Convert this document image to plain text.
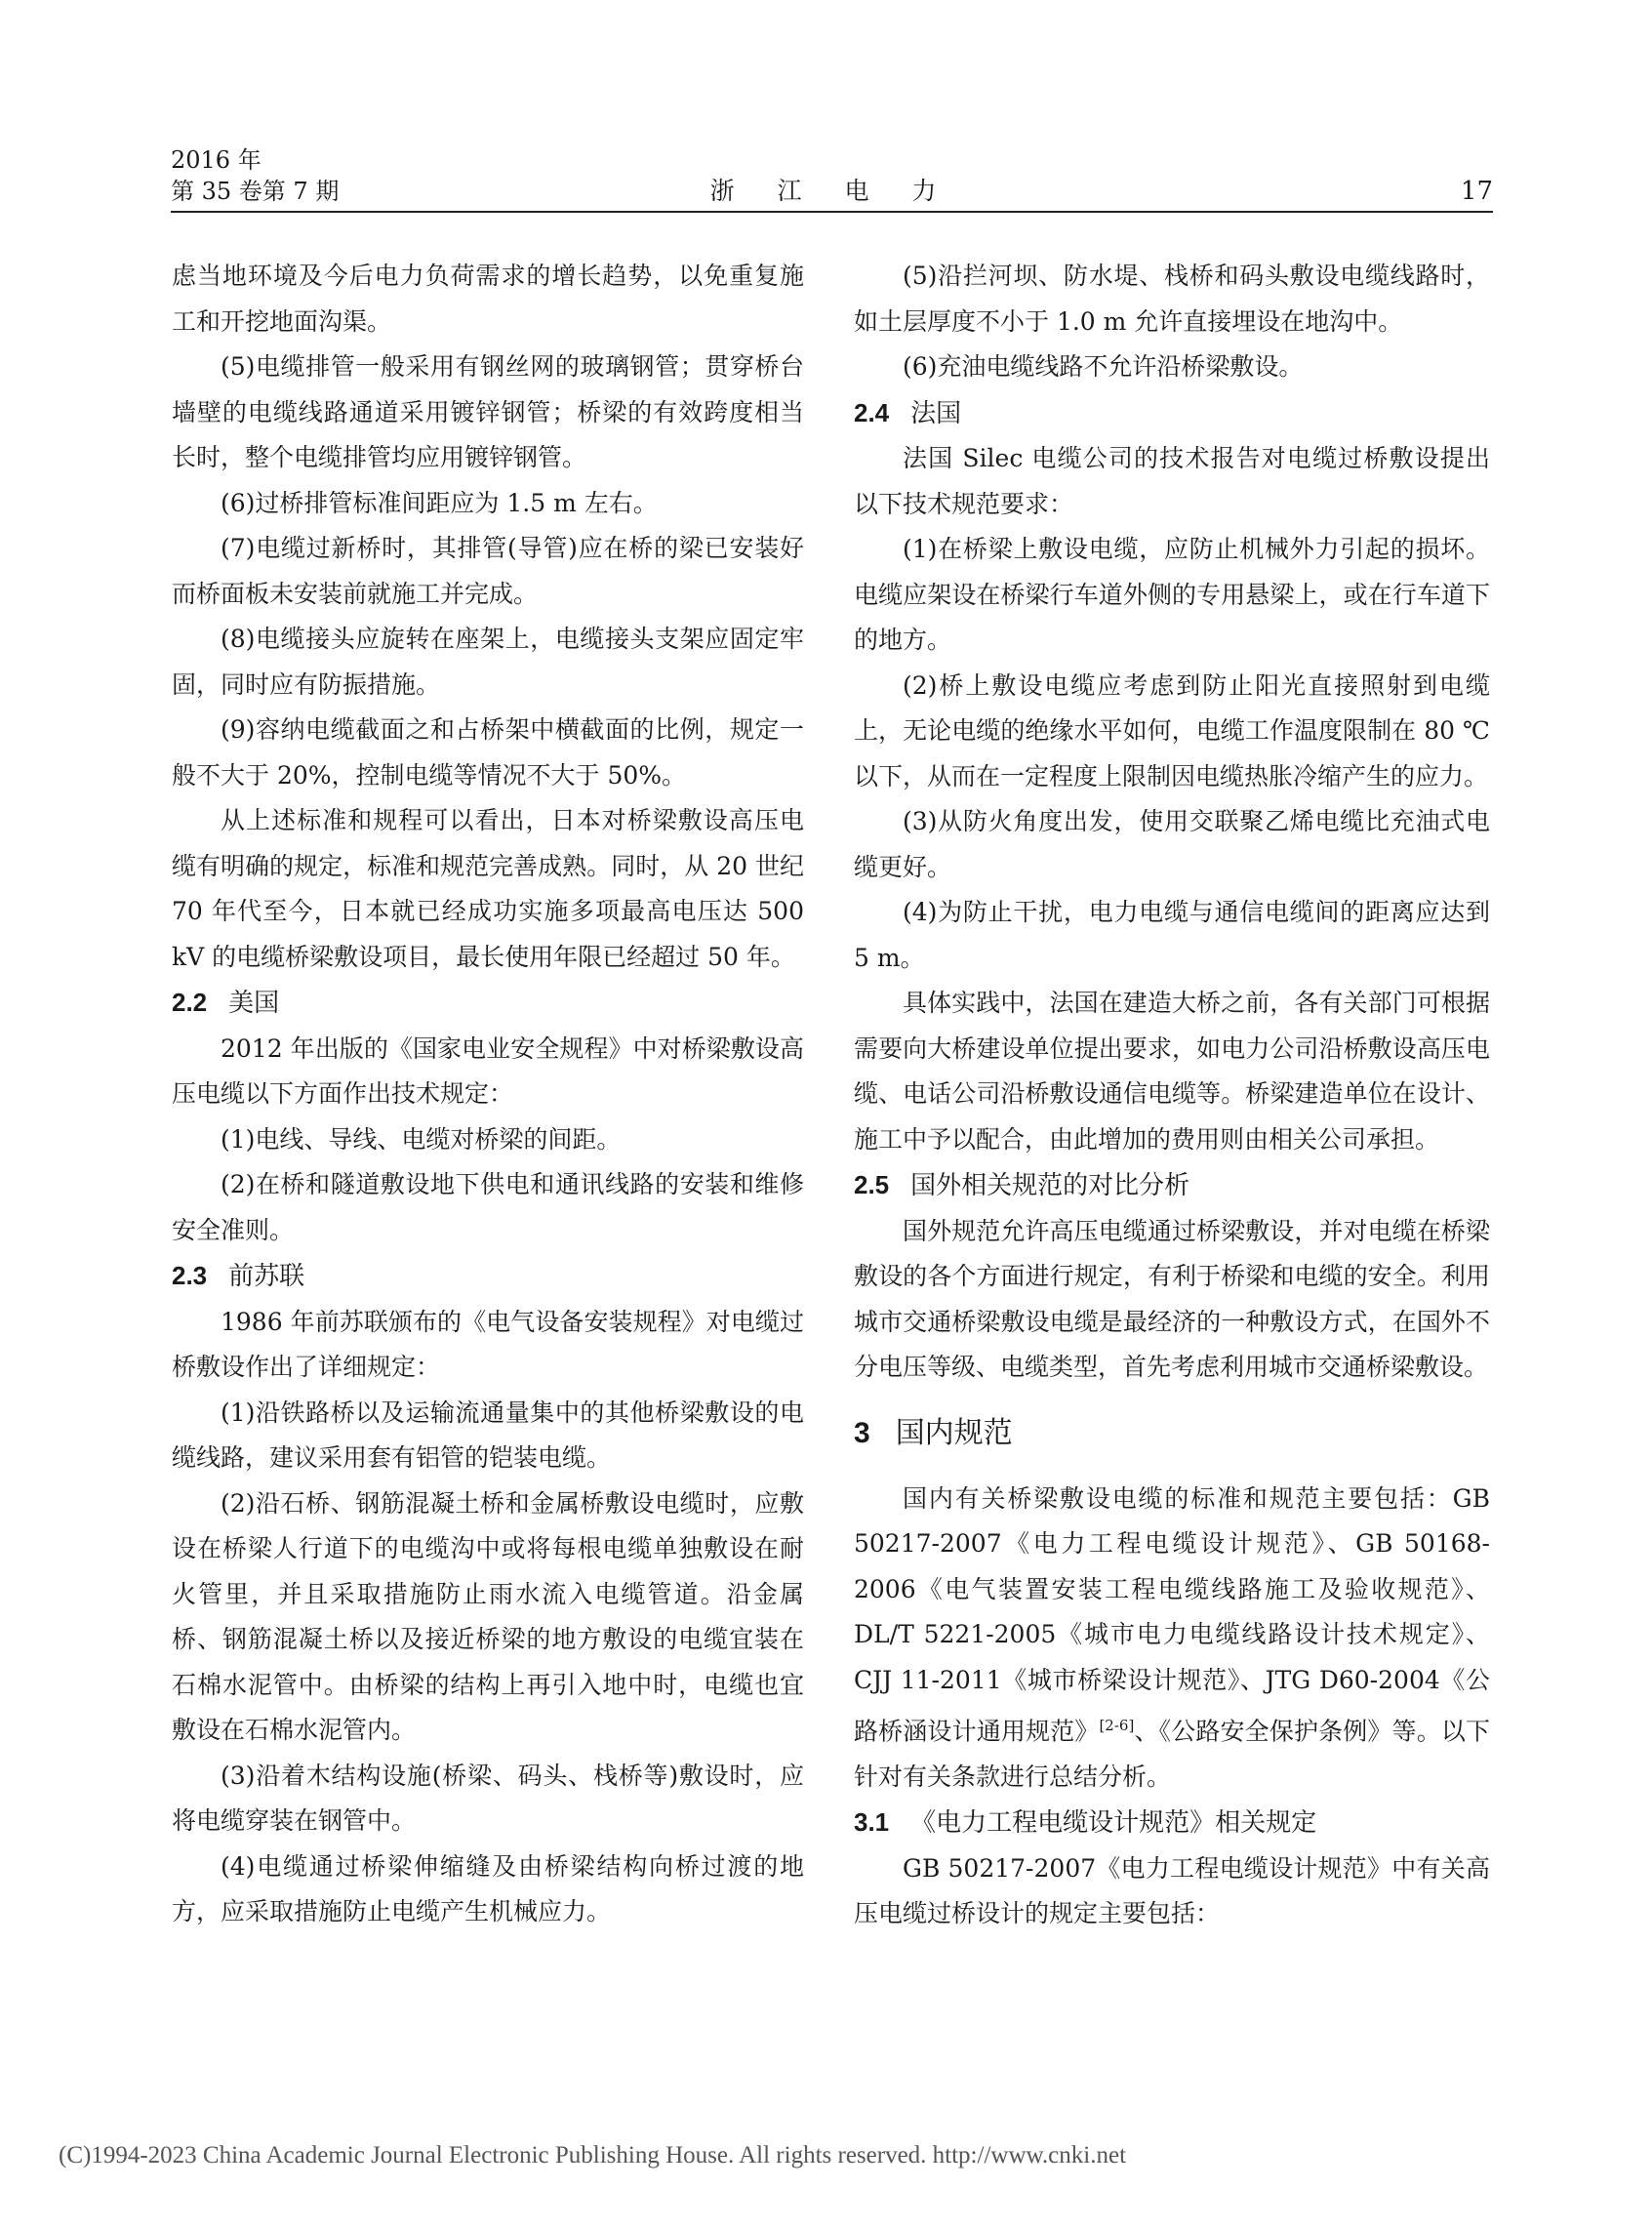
2016 年
第 35 卷第 7 期	浙 江 电 力	17

虑当地环境及今后电力负荷需求的增长趋势，以免重复施工和开挖地面沟渠。

(5)电缆排管一般采用有钢丝网的玻璃钢管；贯穿桥台墙壁的电缆线路通道采用镀锌钢管；桥梁的有效跨度相当长时，整个电缆排管均应用镀锌钢管。

(6)过桥排管标准间距应为 1.5 m 左右。

(7)电缆过新桥时，其排管(导管)应在桥的梁已安装好而桥面板未安装前就施工并完成。

(8)电缆接头应旋转在座架上，电缆接头支架应固定牢固，同时应有防振措施。

(9)容纳电缆截面之和占桥架中横截面的比例，规定一般不大于 20%，控制电缆等情况不大于 50%。

从上述标准和规程可以看出，日本对桥梁敷设高压电缆有明确的规定，标准和规范完善成熟。同时，从 20 世纪 70 年代至今，日本就已经成功实施多项最高电压达 500 kV 的电缆桥梁敷设项目，最长使用年限已经超过 50 年。

2.2 美国

2012 年出版的《国家电业安全规程》中对桥梁敷设高压电缆以下方面作出技术规定：

(1)电线、导线、电缆对桥梁的间距。

(2)在桥和隧道敷设地下供电和通讯线路的安装和维修安全准则。

2.3 前苏联

1986 年前苏联颁布的《电气设备安装规程》对电缆过桥敷设作出了详细规定：

(1)沿铁路桥以及运输流通量集中的其他桥梁敷设的电缆线路，建议采用套有铝管的铠装电缆。

(2)沿石桥、钢筋混凝土桥和金属桥敷设电缆时，应敷设在桥梁人行道下的电缆沟中或将每根电缆单独敷设在耐火管里，并且采取措施防止雨水流入电缆管道。沿金属桥、钢筋混凝土桥以及接近桥梁的地方敷设的电缆宜装在石棉水泥管中。由桥梁的结构上再引入地中时，电缆也宜敷设在石棉水泥管内。

(3)沿着木结构设施(桥梁、码头、栈桥等)敷设时，应将电缆穿装在钢管中。

(4)电缆通过桥梁伸缩缝及由桥梁结构向桥过渡的地方，应采取措施防止电缆产生机械应力。

(5)沿拦河坝、防水堤、栈桥和码头敷设电缆线路时，如土层厚度不小于 1.0 m 允许直接埋设在地沟中。

(6)充油电缆线路不允许沿桥梁敷设。

2.4 法国

法国 Silec 电缆公司的技术报告对电缆过桥敷设提出以下技术规范要求：

(1)在桥梁上敷设电缆，应防止机械外力引起的损坏。电缆应架设在桥梁行车道外侧的专用悬梁上，或在行车道下的地方。

(2)桥上敷设电缆应考虑到防止阳光直接照射到电缆上，无论电缆的绝缘水平如何，电缆工作温度限制在 80 ℃以下，从而在一定程度上限制因电缆热胀冷缩产生的应力。

(3)从防火角度出发，使用交联聚乙烯电缆比充油式电缆更好。

(4)为防止干扰，电力电缆与通信电缆间的距离应达到 5 m。

具体实践中，法国在建造大桥之前，各有关部门可根据需要向大桥建设单位提出要求，如电力公司沿桥敷设高压电缆、电话公司沿桥敷设通信电缆等。桥梁建造单位在设计、施工中予以配合，由此增加的费用则由相关公司承担。

2.5 国外相关规范的对比分析

国外规范允许高压电缆通过桥梁敷设，并对电缆在桥梁敷设的各个方面进行规定，有利于桥梁和电缆的安全。利用城市交通桥梁敷设电缆是最经济的一种敷设方式，在国外不分电压等级、电缆类型，首先考虑利用城市交通桥梁敷设。

3 国内规范

国内有关桥梁敷设电缆的标准和规范主要包括：GB 50217-2007《电力工程电缆设计规范》、GB 50168-2006《电气装置安装工程电缆线路施工及验收规范》、DL/T 5221-2005《城市电力电缆线路设计技术规定》、CJJ 11-2011《城市桥梁设计规范》、JTG D60-2004《公路桥涵设计通用规范》[2-6]、《公路安全保护条例》等。以下针对有关条款进行总结分析。

3.1 《电力工程电缆设计规范》相关规定

GB 50217-2007《电力工程电缆设计规范》中有关高压电缆过桥设计的规定主要包括：

(C)1994-2023 China Academic Journal Electronic Publishing House. All rights reserved. http://www.cnki.net
